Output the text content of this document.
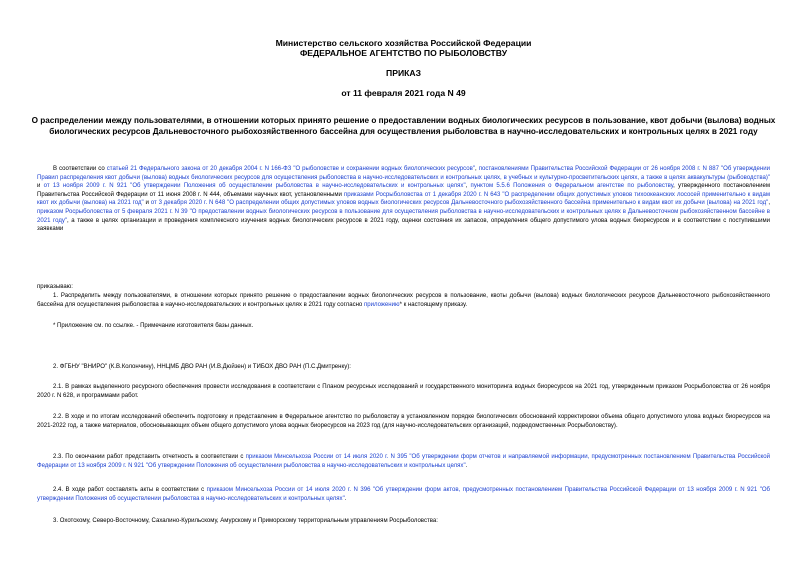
Министерство сельского хозяйства Российской Федерации
ФЕДЕРАЛЬНОЕ АГЕНТСТВО ПО РЫБОЛОВСТВУ
ПРИКАЗ
от 11 февраля 2021 года N 49
О распределении между пользователями, в отношении которых принято решение о предоставлении водных биологических ресурсов в пользование, квот добычи (вылова) водных биологических ресурсов Дальневосточного рыбохозяйственного бассейна для осуществления рыболовства в научно-исследовательских и контрольных целях в 2021 году
В соответствии со статьей 21 Федерального закона от 20 декабря 2004 г. N 166-ФЗ "О рыболовстве и сохранении водных биологических ресурсов", постановлениями Правительства Российской Федерации от 26 ноября 2008 г. N 887 "Об утверждении Правил распределения квот добычи (вылова) водных биологических ресурсов для осуществления рыболовства в научно-исследовательских и контрольных целях, в учебных и культурно-просветительских целях, а также в целях аквакультуры (рыбоводства)" и от 13 ноября 2009 г. N 921 "Об утверждении Положения об осуществлении рыболовства в научно-исследовательских и контрольных целях", пунктом 5.5.6 Положения о Федеральном агентстве по рыболовству, утвержденного постановлением Правительства Российской Федерации от 11 июня 2008 г. N 444, объемами научных квот, установленными приказами Росрыболовства от 1 декабря 2020 г. N 643 "О распределении общих допустимых уловов тихоокеанских лососей применительно к видам квот их добычи (вылова) на 2021 год" и от 3 декабря 2020 г. N 648 "О распределении общих допустимых уловов водных биологических ресурсов Дальневосточного рыбохозяйственного бассейна применительно к видам квот их добычи (вылова) на 2021 год", приказом Росрыболовства от 5 февраля 2021 г. N 39 "О предоставлении водных биологических ресурсов в пользование для осуществления рыболовства в научно-исследовательских и контрольных целях в Дальневосточном рыбохозяйственном бассейне в 2021 году", а также в целях организации и проведения комплексного изучения водных биологических ресурсов в 2021 году, оценки состояния их запасов, определения общего допустимого улова водных биоресурсов и в соответствии с поступившими заявками
приказываю:
1. Распределить между пользователями, в отношении которых принято решение о предоставлении водных биологических ресурсов в пользование, квоты добычи (вылова) водных биологических ресурсов Дальневосточного рыбохозяйственного бассейна для осуществления рыболовства в научно-исследовательских и контрольных целях в 2021 году согласно приложению* к настоящему приказу.
* Приложение см. по ссылке. - Примечание изготовителя базы данных.
2. ФГБНУ "ВНИРО" (К.В.Колончину), ННЦМБ ДВО РАН (И.В.Дюйзен) и ТИБОХ ДВО РАН (П.С.Дмитренку):
2.1. В рамках выделенного ресурсного обеспечения провести исследования в соответствии с Планом ресурсных исследований и государственного мониторинга водных биоресурсов на 2021 год, утвержденным приказом Росрыболовства от 26 ноября 2020 г. N 628, и программами работ.
2.2. В ходе и по итогам исследований обеспечить подготовку и представление в Федеральное агентство по рыболовству в установленном порядке биологических обоснований корректировки объема общего допустимого улова водных биоресурсов на 2021-2022 год, а также материалов, обосновывающих объем общего допустимого улова водных биоресурсов на 2023 год (для научно-исследовательских организаций, подведомственных Росрыболовству).
2.3. По окончании работ представить отчетность в соответствии с приказом Минсельхоза России от 14 июля 2020 г. N 395 "Об утверждении форм отчетов и направляемой информации, предусмотренных постановлением Правительства Российской Федерации от 13 ноября 2009 г. N 921 "Об утверждении Положения об осуществлении рыболовства в научно-исследовательских и контрольных целях".
2.4. В ходе работ составлять акты в соответствии с приказом Минсельхоза России от 14 июля 2020 г. N 396 "Об утверждении форм актов, предусмотренных постановлением Правительства Российской Федерации от 13 ноября 2009 г. N 921 "Об утверждении Положения об осуществлении рыболовства в научно-исследовательских и контрольных целях".
3. Охотскому, Северо-Восточному, Сахалино-Курильскому, Амурскому и Приморскому территориальным управлениям Росрыболовства:
